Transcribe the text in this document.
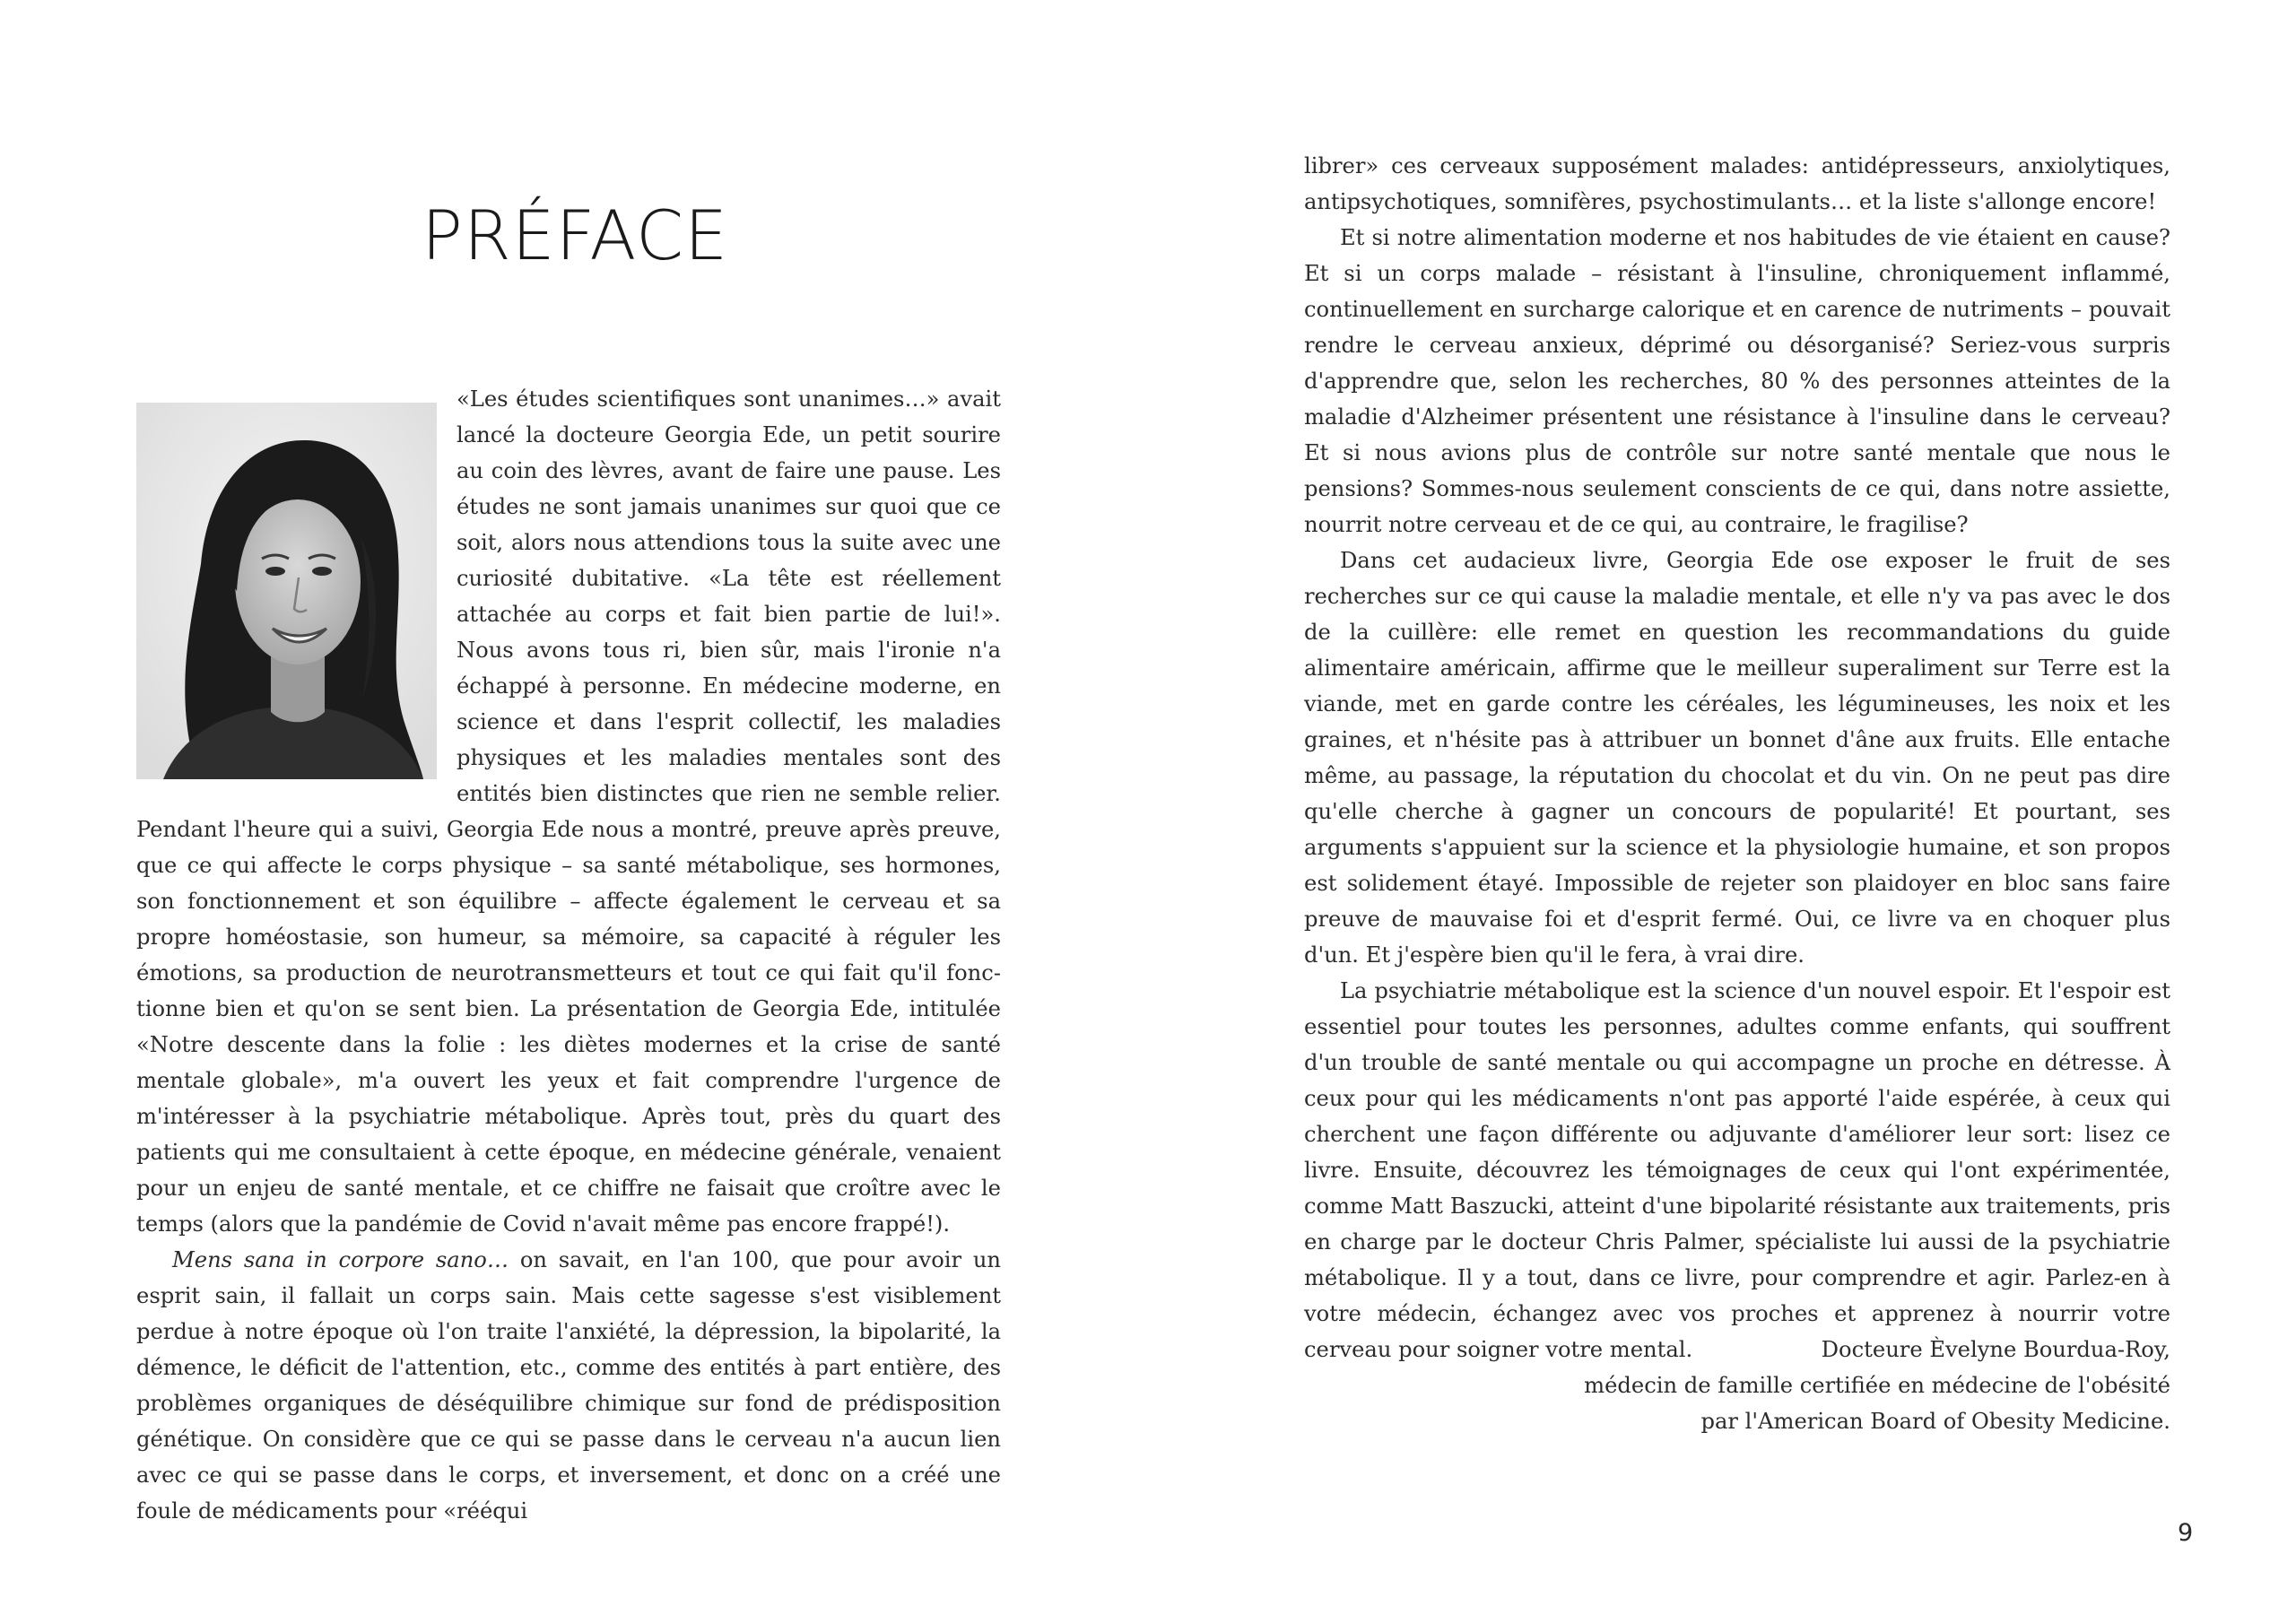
PRÉFACE

«Les études scientifiques sont unanimes…» avait lancé la docteure Georgia Ede, un petit sourire au coin des lèvres, avant de faire une pause. Les études ne sont jamais unanimes sur quoi que ce soit, alors nous attendions tous la suite avec une curiosité dubitative. «La tête est réellement attachée au corps et fait bien partie de lui!». Nous avons tous ri, bien sûr, mais l'ironie n'a échappé à personne. En médecine moderne, en science et dans l'esprit collectif, les maladies physiques et les maladies mentales sont des entités bien distinctes que rien ne semble relier. Pendant l'heure qui a suivi, Georgia Ede nous a montré, preuve après preuve, que ce qui affecte le corps physique – sa santé métabolique, ses hormones, son fonctionnement et son équilibre – affecte également le cerveau et sa propre homéostasie, son humeur, sa mémoire, sa capacité à réguler les émotions, sa production de neurotransmetteurs et tout ce qui fait qu'il fonctionne bien et qu'on se sent bien. La présentation de Georgia Ede, intitulée «Notre descente dans la folie : les diètes modernes et la crise de santé mentale globale», m'a ouvert les yeux et fait comprendre l'urgence de m'intéresser à la psychiatrie métabolique. Après tout, près du quart des patients qui me consultaient à cette époque, en médecine générale, venaient pour un enjeu de santé mentale, et ce chiffre ne faisait que croître avec le temps (alors que la pandémie de Covid n'avait même pas encore frappé!).

Mens sana in corpore sano… on savait, en l'an 100, que pour avoir un esprit sain, il fallait un corps sain. Mais cette sagesse s'est visiblement perdue à notre époque où l'on traite l'anxiété, la dépression, la bipolarité, la démence, le déficit de l'attention, etc., comme des entités à part entière, des problèmes organiques de déséquilibre chimique sur fond de prédisposition génétique. On considère que ce qui se passe dans le cerveau n'a aucun lien avec ce qui se passe dans le corps, et inversement, et donc on a créé une foule de médicaments pour «rééqui

librer» ces cerveaux supposément malades: antidépresseurs, anxiolytiques, antipsychotiques, somnifères, psychostimulants… et la liste s'allonge encore!

Et si notre alimentation moderne et nos habitudes de vie étaient en cause? Et si un corps malade – résistant à l'insuline, chroniquement inflammé, continuellement en surcharge calorique et en carence de nutriments – pouvait rendre le cerveau anxieux, déprimé ou désorganisé? Seriez-vous surpris d'apprendre que, selon les recherches, 80 % des personnes atteintes de la maladie d'Alzheimer présentent une résistance à l'insuline dans le cerveau? Et si nous avions plus de contrôle sur notre santé mentale que nous le pensions? Sommes-nous seulement conscients de ce qui, dans notre assiette, nourrit notre cerveau et de ce qui, au contraire, le fragilise?

Dans cet audacieux livre, Georgia Ede ose exposer le fruit de ses recherches sur ce qui cause la maladie mentale, et elle n'y va pas avec le dos de la cuillère: elle remet en question les recommandations du guide alimentaire américain, affirme que le meilleur superaliment sur Terre est la viande, met en garde contre les céréales, les légumineuses, les noix et les graines, et n'hésite pas à attribuer un bonnet d'âne aux fruits. Elle entache même, au passage, la réputation du chocolat et du vin. On ne peut pas dire qu'elle cherche à gagner un concours de popularité! Et pourtant, ses arguments s'appuient sur la science et la physiologie humaine, et son propos est solidement étayé. Impossible de rejeter son plaidoyer en bloc sans faire preuve de mauvaise foi et d'esprit fermé. Oui, ce livre va en choquer plus d'un. Et j'espère bien qu'il le fera, à vrai dire.

La psychiatrie métabolique est la science d'un nouvel espoir. Et l'espoir est essentiel pour toutes les personnes, adultes comme enfants, qui souffrent d'un trouble de santé mentale ou qui accompagne un proche en détresse. À ceux pour qui les médicaments n'ont pas apporté l'aide espérée, à ceux qui cherchent une façon différente ou adjuvante d'améliorer leur sort: lisez ce livre. Ensuite, découvrez les témoignages de ceux qui l'ont expérimentée, comme Matt Baszucki, atteint d'une bipolarité résistante aux traitements, pris en charge par le docteur Chris Palmer, spécialiste lui aussi de la psychiatrie métabolique. Il y a tout, dans ce livre, pour comprendre et agir. Parlez-en à votre médecin, échangez avec vos proches et apprenez à nourrir votre cerveau pour soigner votre mental.	Docteure Èvelyne Bourdua-Roy,
médecin de famille certifiée en médecine de l'obésité
par l'American Board of Obesity Medicine.
9
